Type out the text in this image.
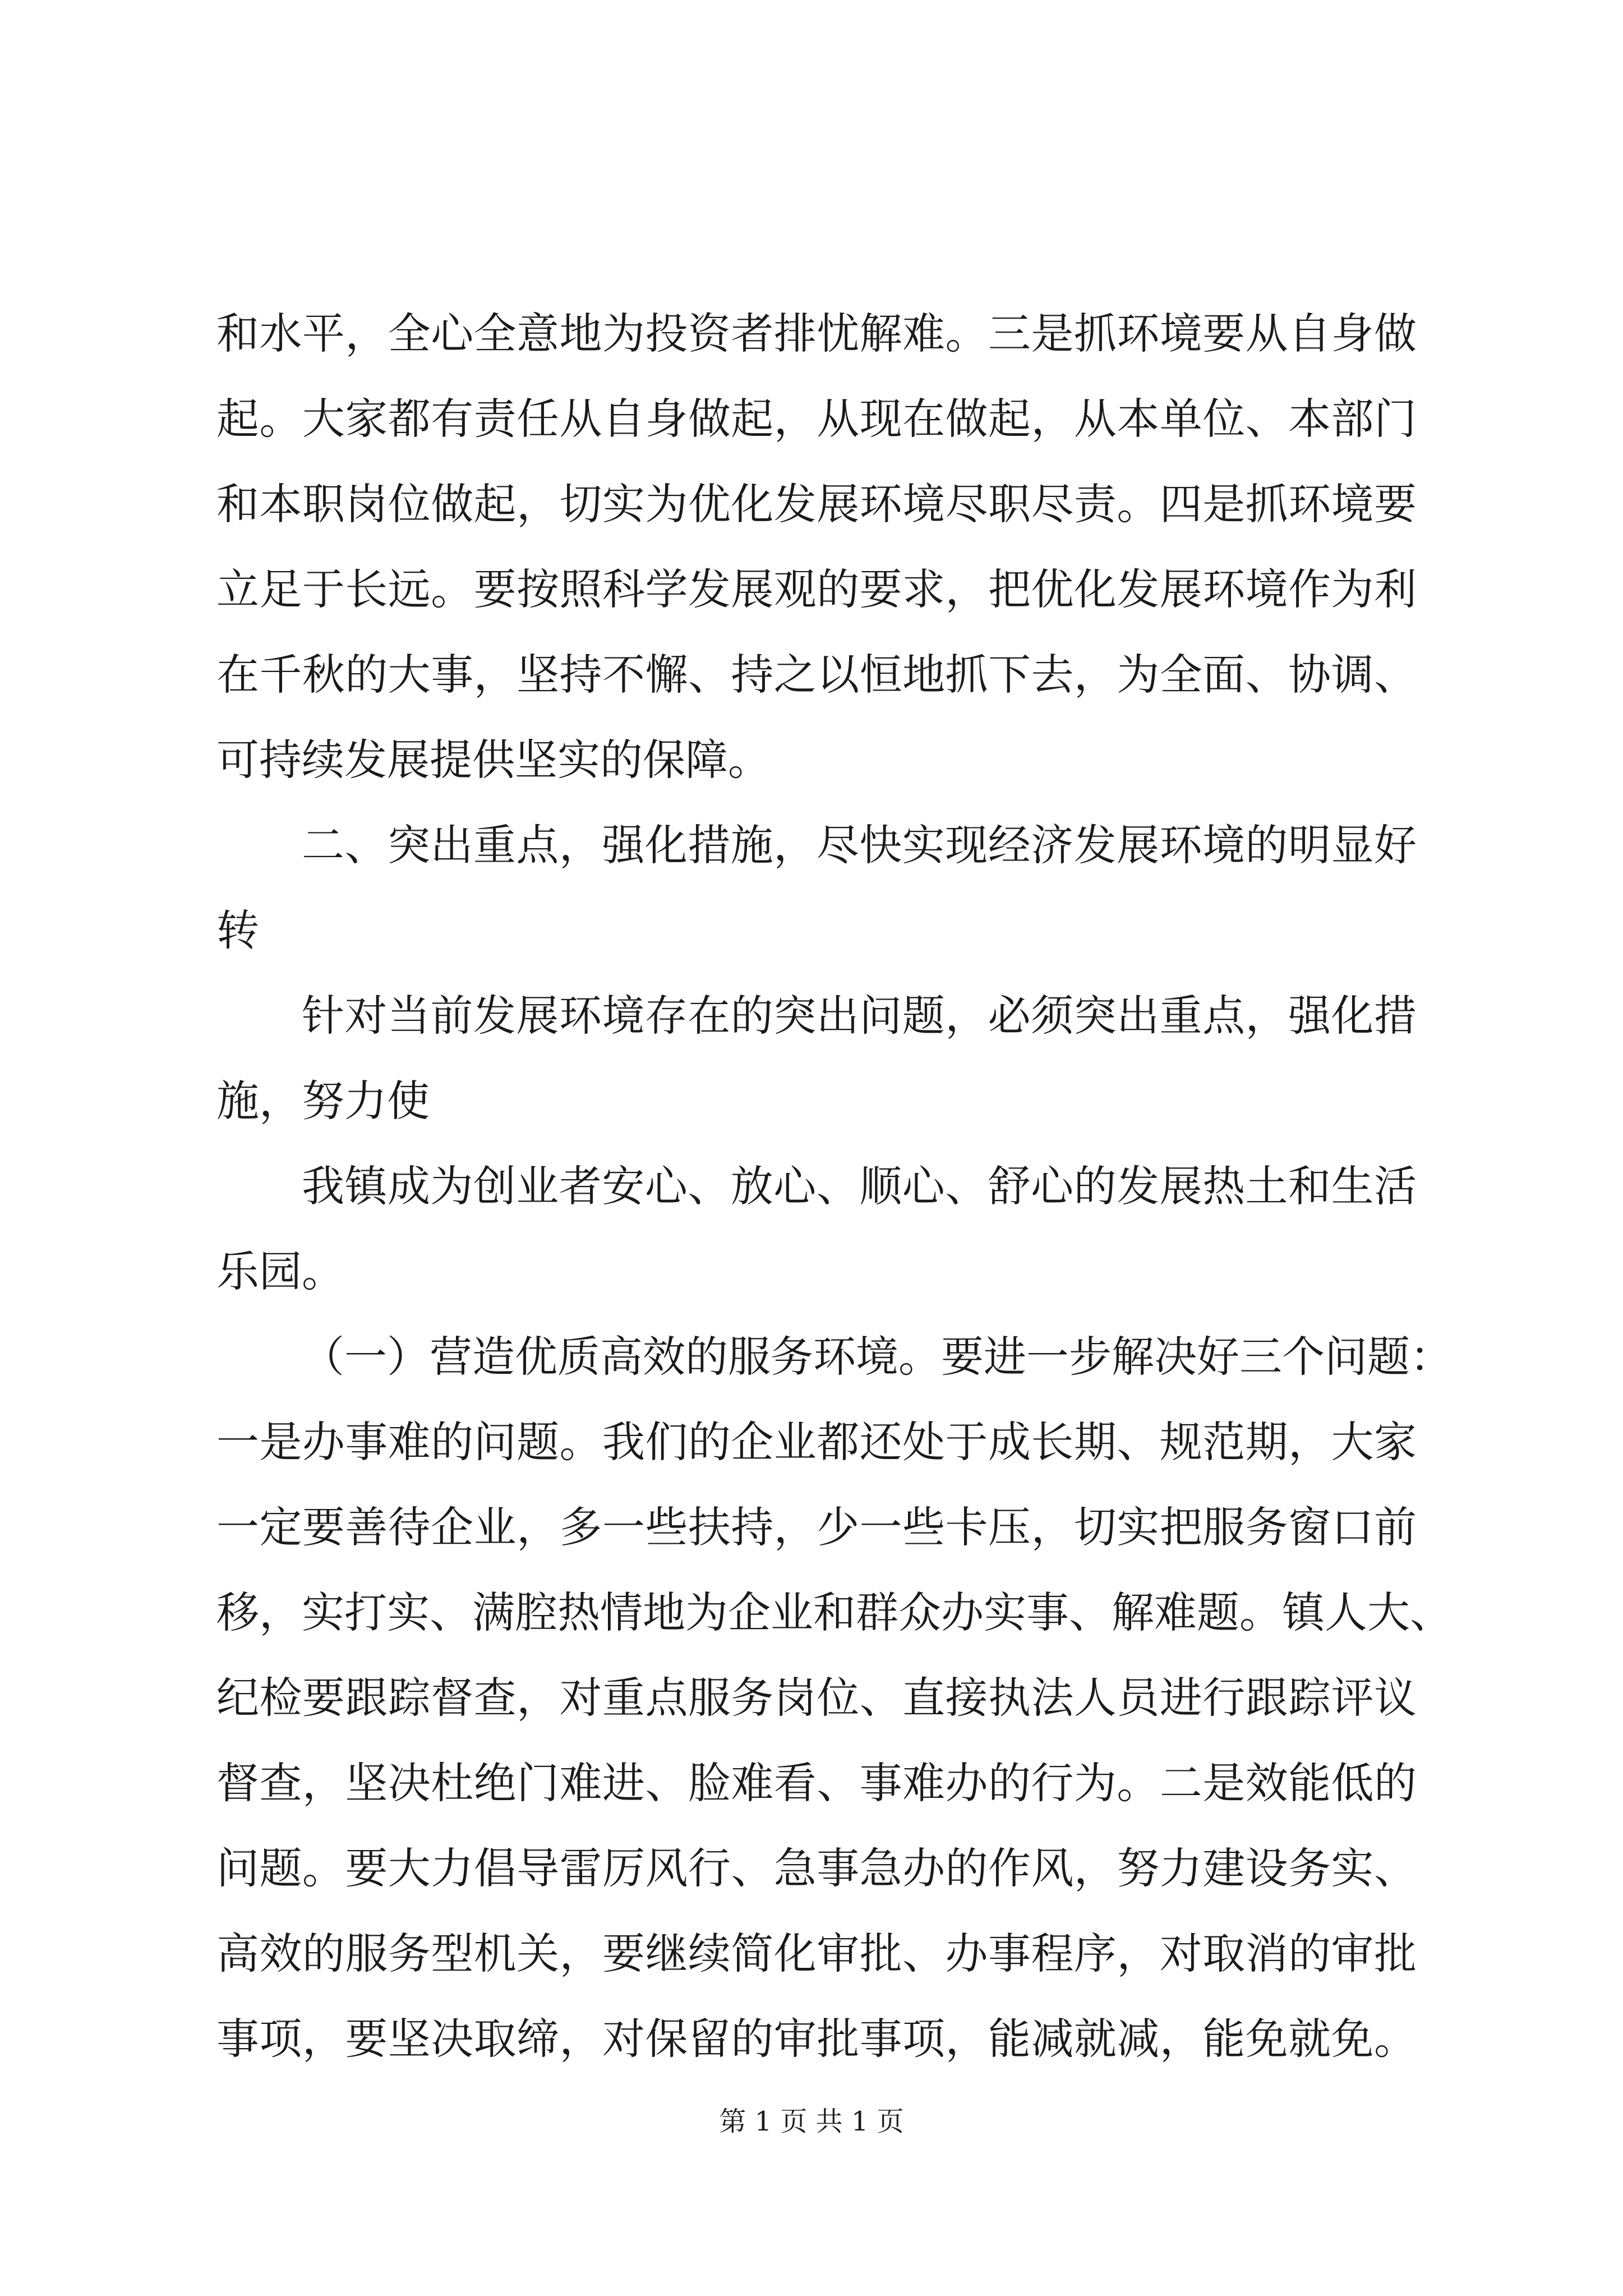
和水平，全心全意地为投资者排忧解难。三是抓环境要从自身做
起。大家都有责任从自身做起，从现在做起，从本单位、本部门
和本职岗位做起，切实为优化发展环境尽职尽责。四是抓环境要
立足于长远。要按照科学发展观的要求，把优化发展环境作为利
在千秋的大事，坚持不懈、持之以恒地抓下去，为全面、协调、
可持续发展提供坚实的保障。
二、突出重点，强化措施，尽快实现经济发展环境的明显好
转
针对当前发展环境存在的突出问题，必须突出重点，强化措
施，努力使
我镇成为创业者安心、放心、顺心、舒心的发展热土和生活
乐园。
（一）营造优质高效的服务环境。要进一步解决好三个问题：
一是办事难的问题。我们的企业都还处于成长期、规范期，大家
一定要善待企业，多一些扶持，少一些卡压，切实把服务窗口前
移，实打实、满腔热情地为企业和群众办实事、解难题。镇人大、
纪检要跟踪督查，对重点服务岗位、直接执法人员进行跟踪评议
督查，坚决杜绝门难进、脸难看、事难办的行为。二是效能低的
问题。要大力倡导雷厉风行、急事急办的作风，努力建设务实、
高效的服务型机关，要继续简化审批、办事程序，对取消的审批
事项，要坚决取缔，对保留的审批事项，能减就减，能免就免。
第 1 页 共 1 页
